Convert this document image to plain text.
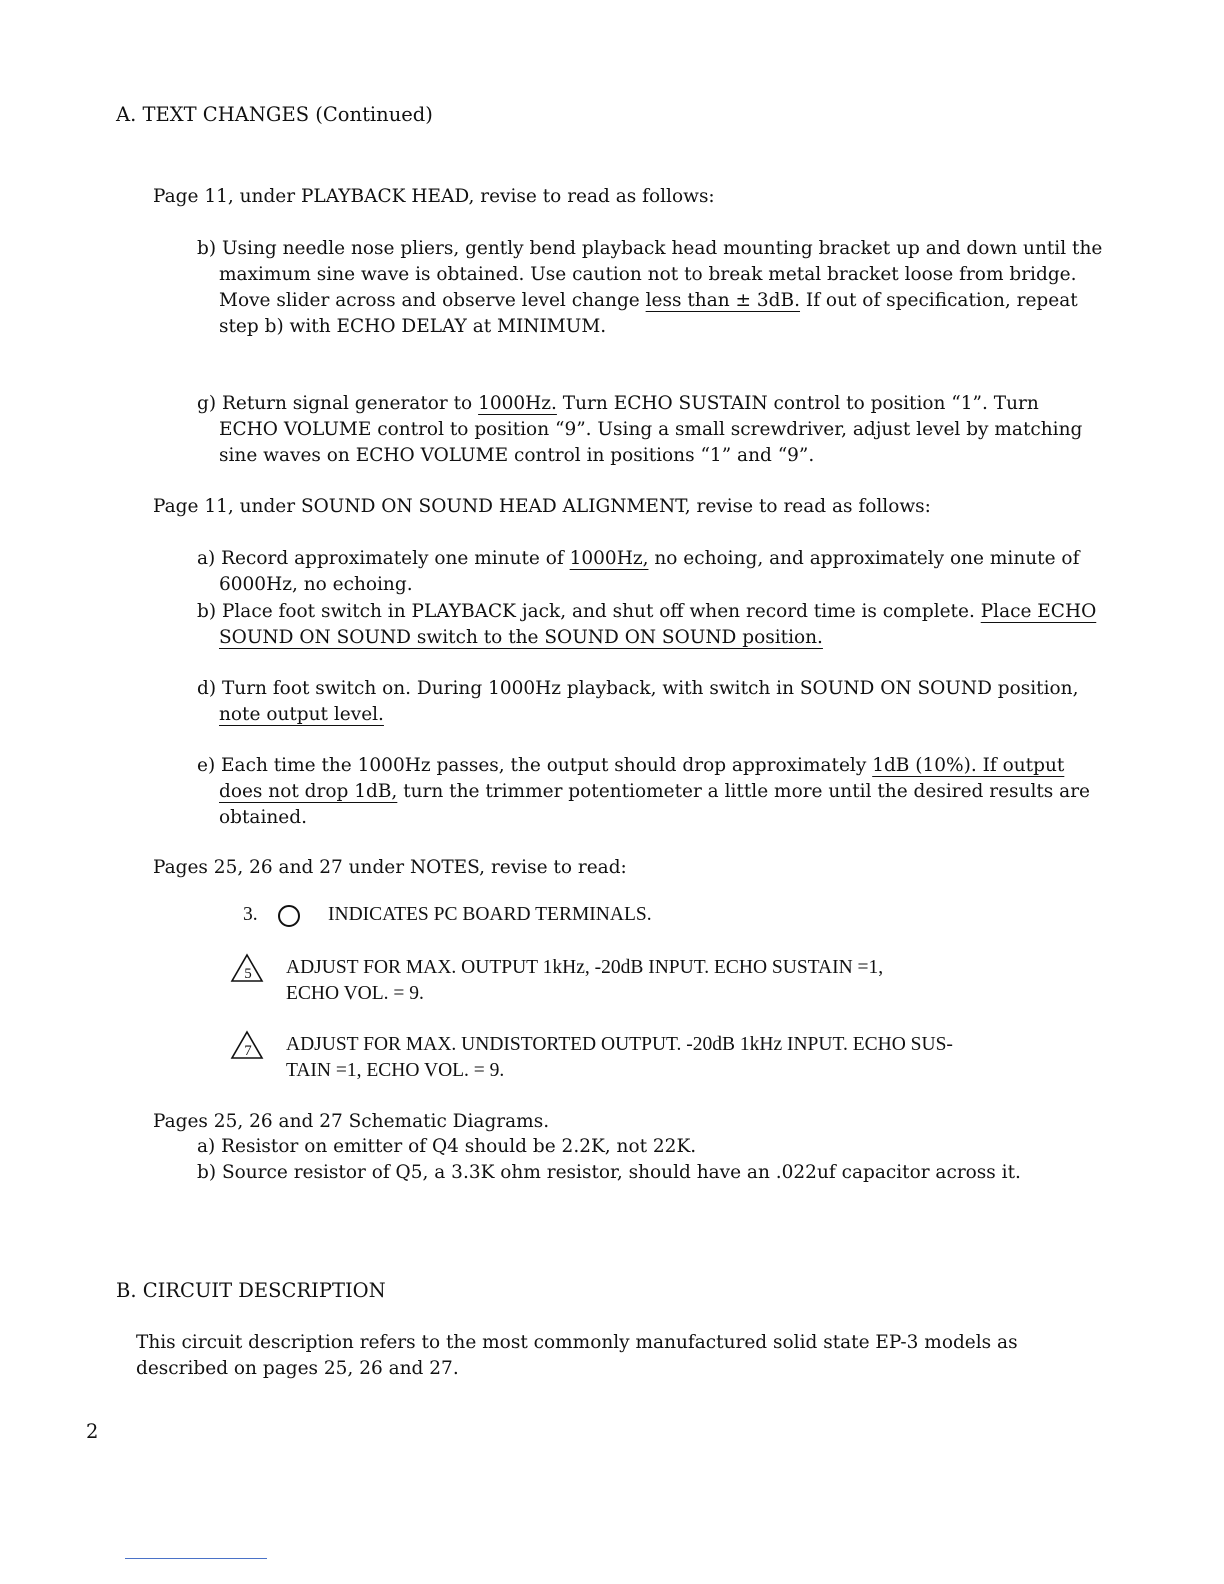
A. TEXT CHANGES (Continued)
Page 11, under PLAYBACK HEAD, revise to read as follows:
b) Using needle nose pliers, gently bend playback head mounting bracket up and down until the
maximum sine wave is obtained. Use caution not to break metal bracket loose from bridge.
Move slider across and observe level change less than ± 3dB. If out of specification, repeat
step b) with ECHO DELAY at MINIMUM.
g) Return signal generator to 1000Hz. Turn ECHO SUSTAIN control to position “1”. Turn
ECHO VOLUME control to position “9”. Using a small screwdriver, adjust level by matching
sine waves on ECHO VOLUME control in positions “1” and “9”.
Page 11, under SOUND ON SOUND HEAD ALIGNMENT, revise to read as follows:
a) Record approximately one minute of 1000Hz, no echoing, and approximately one minute of
6000Hz, no echoing.
b) Place foot switch in PLAYBACK jack, and shut off when record time is complete. Place ECHO
SOUND ON SOUND switch to the SOUND ON SOUND position.
d) Turn foot switch on. During 1000Hz playback, with switch in SOUND ON SOUND position,
note output level.
e) Each time the 1000Hz passes, the output should drop approximately 1dB (10%). If output
does not drop 1dB, turn the trimmer potentiometer a little more until the desired results are
obtained.
Pages 25, 26 and 27 under NOTES, revise to read:
3.	INDICATES PC BOARD TERMINALS.
5 ADJUST FOR MAX. OUTPUT 1kHz, -20dB INPUT. ECHO SUSTAIN =1,
ECHO VOL. = 9.
7 ADJUST FOR MAX. UNDISTORTED OUTPUT. -20dB 1kHz INPUT. ECHO SUS-
TAIN =1, ECHO VOL. = 9.
Pages 25, 26 and 27 Schematic Diagrams.
a) Resistor on emitter of Q4 should be 2.2K, not 22K.
b) Source resistor of Q5, a 3.3K ohm resistor, should have an .022uf capacitor across it.
B. CIRCUIT DESCRIPTION
This circuit description refers to the most commonly manufactured solid state EP-3 models as
described on pages 25, 26 and 27.
2
